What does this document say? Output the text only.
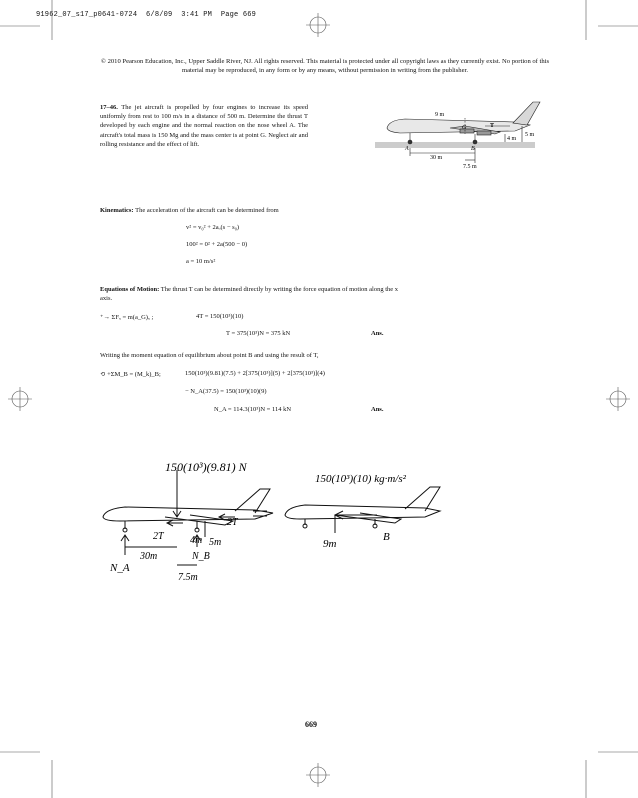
91962_07_s17_p0641-0724  6/8/09  3:41 PM  Page 669
© 2010 Pearson Education, Inc., Upper Saddle River, NJ. All rights reserved. This material is protected under all copyright laws as they currently exist. No portion of this material may be reproduced, in any form or by any means, without permission in writing from the publisher.
17–46. The jet aircraft is propelled by four engines to increase its speed uniformly from rest to 100 m/s in a distance of 500 m. Determine the thrust T developed by each engine and the normal reaction on the nose wheel A. The aircraft's total mass is 150 Mg and the mass center is at point G. Neglect air and rolling resistance and the effect of lift.
9 m
G	T
A	B
4 m
5 m
30 m
7.5 m
Kinematics: The acceleration of the aircraft can be determined from
v² = v₀² + 2aₒ(s − s₀)
100² = 0² + 2a(500 − 0)
a = 10 m/s²
Equations of Motion: The thrust T can be determined directly by writing the force equation of motion along the x axis.
⁺→ ΣFₓ = m(a_G)ₓ ;	4T = 150(10³)(10)
T = 375(10³)N = 375 kN	Ans.
Writing the moment equation of equilibrium about point B and using the result of T,
⟲ +ΣM_B = (M_k)_B;	150(10³)(9.81)(7.5) + 2[375(10³)](5) + 2[375(10³)](4)
− N_A(37.5) = 150(10³)(10)(9)
N_A = 114.3(10³)N = 114 kN	Ans.
150(10³)(9.81) N
150(10³)(10) kg·m/s²
2T
2T	4m 5m
30m	N_B
N_A
7.5m
9m
B
669
